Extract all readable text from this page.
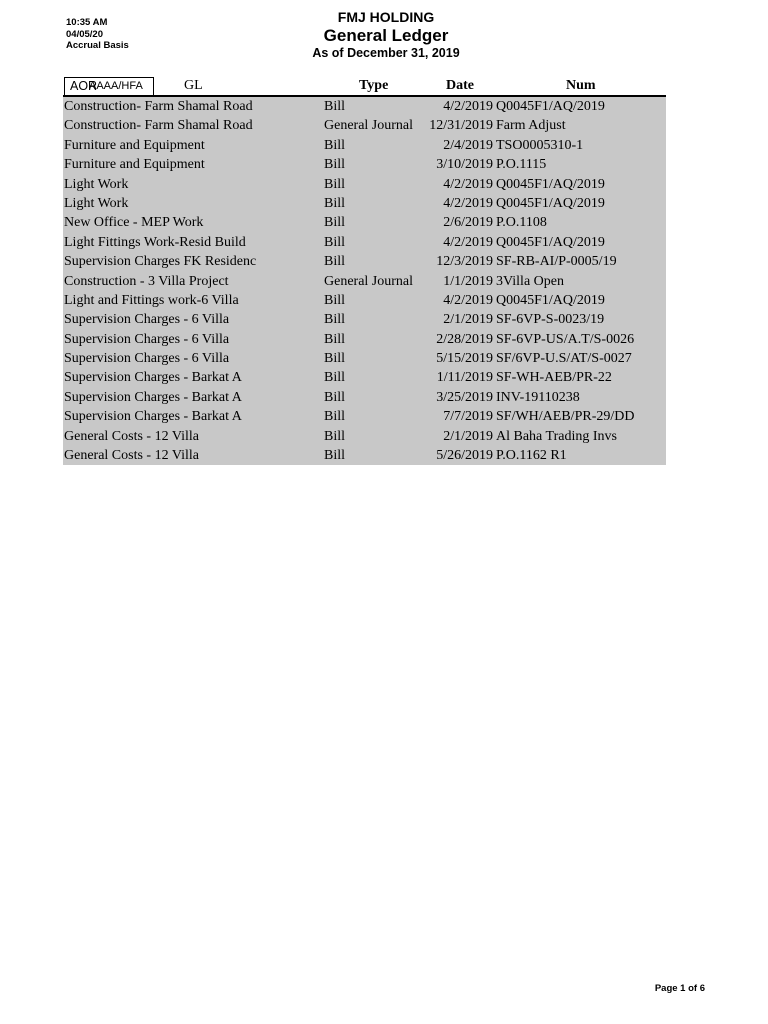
10:35 AM
04/05/20
Accrual Basis
FMJ HOLDING
General Ledger
As of December 31, 2019
AOR
AAAA/HFA	GL	Type	Date	Num
Construction- Farm Shamal Road	Bill	4/2/2019 Q0045F1/AQ/2019
Construction- Farm Shamal Road	General Journal 12/31/2019 Farm Adjust
Furniture and Equipment	Bill	2/4/2019 TSO0005310-1
Furniture and Equipment	Bill	3/10/2019 P.O.1115
Light Work	Bill	4/2/2019 Q0045F1/AQ/2019
Light Work	Bill	4/2/2019 Q0045F1/AQ/2019
New Office - MEP Work	Bill	2/6/2019 P.O.1108
Light Fittings Work-Resid Build	Bill	4/2/2019 Q0045F1/AQ/2019
Supervision Charges FK Residenc	Bill	12/3/2019 SF-RB-AI/P-0005/19
Construction - 3 Villa Project	General Journal 1/1/2019 3Villa Open
Light and Fittings work-6 Villa	Bill	4/2/2019 Q0045F1/AQ/2019
Supervision Charges - 6 Villa	Bill	2/1/2019 SF-6VP-S-0023/19
Supervision Charges - 6 Villa	Bill	2/28/2019 SF-6VP-US/A.T/S-0026
Supervision Charges - 6 Villa	Bill	5/15/2019 SF/6VP-U.S/AT/S-0027
Supervision Charges - Barkat A	Bill	1/11/2019 SF-WH-AEB/PR-22
Supervision Charges - Barkat A	Bill	3/25/2019 INV-19110238
Supervision Charges - Barkat A	Bill	7/7/2019 SF/WH/AEB/PR-29/DD
General Costs - 12 Villa	Bill	2/1/2019 Al Baha Trading Invs
General Costs - 12 Villa	Bill	5/26/2019 P.O.1162 R1
Page 1 of 6
